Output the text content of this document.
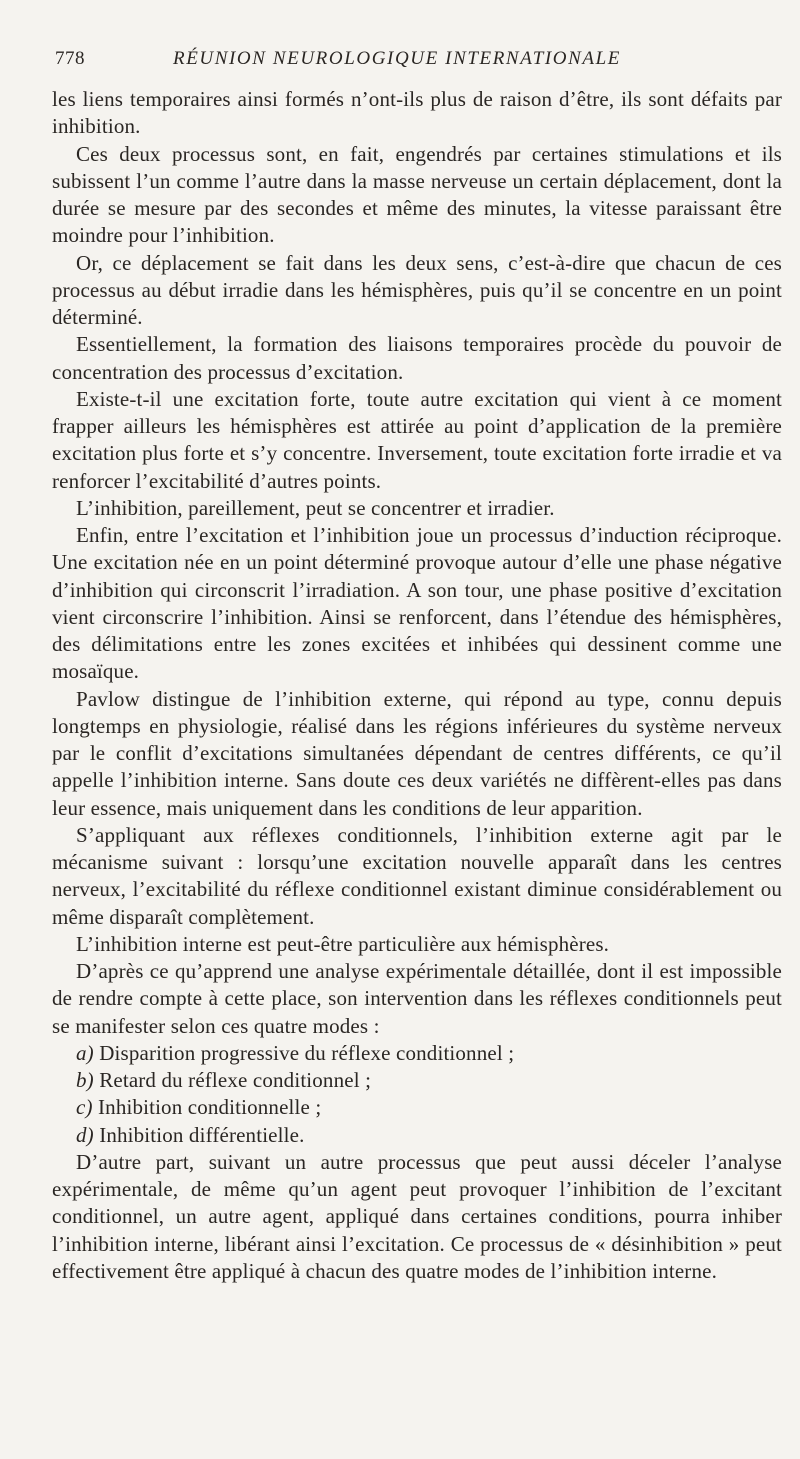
778	RÉUNION NEUROLOGIQUE INTERNATIONALE

les liens temporaires ainsi formés n’ont-ils plus de raison d’être, ils sont défaits par inhibition.

Ces deux processus sont, en fait, engendrés par certaines stimulations et ils subissent l’un comme l’autre dans la masse nerveuse un certain déplacement, dont la durée se mesure par des secondes et même des minutes, la vitesse paraissant être moindre pour l’inhibition.

Or, ce déplacement se fait dans les deux sens, c’est-à-dire que chacun de ces processus au début irradie dans les hémisphères, puis qu’il se concentre en un point déterminé.

Essentiellement, la formation des liaisons temporaires procède du pouvoir de concentration des processus d’excitation.

Existe-t-il une excitation forte, toute autre excitation qui vient à ce moment frapper ailleurs les hémisphères est attirée au point d’application de la première excitation plus forte et s’y concentre. Inversement, toute excitation forte irradie et va renforcer l’excitabilité d’autres points.

L’inhibition, pareillement, peut se concentrer et irradier.

Enfin, entre l’excitation et l’inhibition joue un processus d’induction réciproque. Une excitation née en un point déterminé provoque autour d’elle une phase négative d’inhibition qui circonscrit l’irradiation. A son tour, une phase positive d’excitation vient circonscrire l’inhibition. Ainsi se renforcent, dans l’étendue des hémisphères, des délimitations entre les zones excitées et inhibées qui dessinent comme une mosaïque.

Pavlow distingue de l’inhibition externe, qui répond au type, connu depuis longtemps en physiologie, réalisé dans les régions inférieures du système nerveux par le conflit d’excitations simultanées dépendant de centres différents, ce qu’il appelle l’inhibition interne. Sans doute ces deux variétés ne diffèrent-elles pas dans leur essence, mais uniquement dans les conditions de leur apparition.

S’appliquant aux réflexes conditionnels, l’inhibition externe agit par le mécanisme suivant : lorsqu’une excitation nouvelle apparaît dans les centres nerveux, l’excitabilité du réflexe conditionnel existant diminue considérablement ou même disparaît complètement.

L’inhibition interne est peut-être particulière aux hémisphères.

D’après ce qu’apprend une analyse expérimentale détaillée, dont il est impossible de rendre compte à cette place, son intervention dans les réflexes conditionnels peut se manifester selon ces quatre modes :

a) Disparition progressive du réflexe conditionnel ;

b) Retard du réflexe conditionnel ;

c) Inhibition conditionnelle ;

d) Inhibition différentielle.

D’autre part, suivant un autre processus que peut aussi déceler l’analyse expérimentale, de même qu’un agent peut provoquer l’inhibition de l’excitant conditionnel, un autre agent, appliqué dans certaines conditions, pourra inhiber l’inhibition interne, libérant ainsi l’excitation. Ce processus de « désinhibition » peut effectivement être appliqué à chacun des quatre modes de l’inhibition interne.
